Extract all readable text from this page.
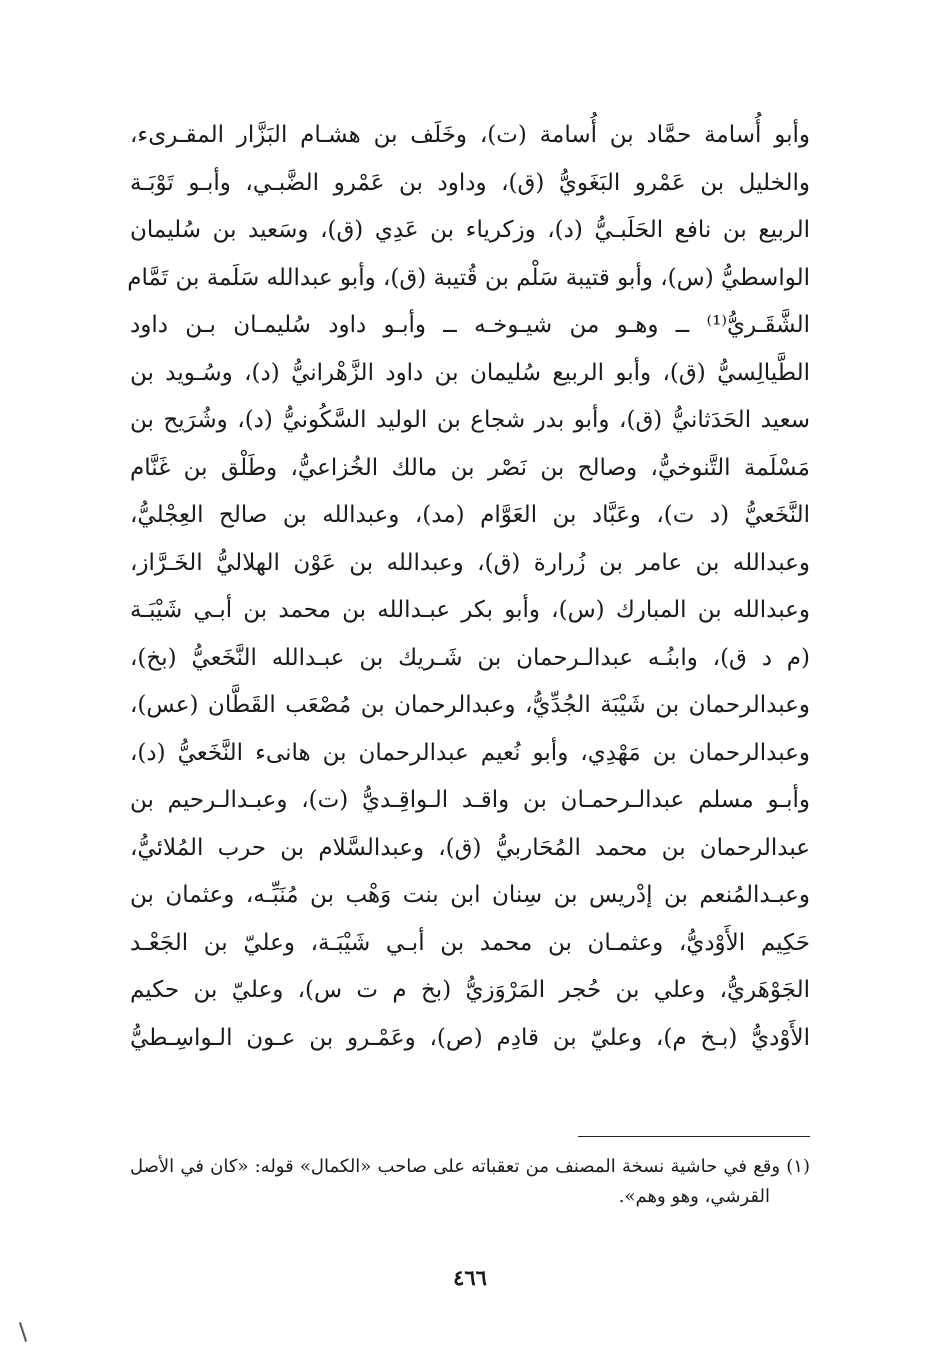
وأبو أُسامة حمَّاد بن أُسامة (ت)، وخَلَف بن هشـام البَزَّار المقـرىء،
والخليل بن عَمْرو البَغَويُّ (ق)، وداود بن عَمْرو الضَّبـي، وأبـو تَوْبَـة
الربيع بن نافع الحَلَبـيُّ (د)، وزكرياء بن عَدِي (ق)، وسَعيد بن سُليمان
الواسطيُّ (س)، وأبو قتيبة سَلْم بن قُتيبة (ق)، وأبو عبدالله سَلَمة بن تَمَّام
الشَّقَـريُّ⁽¹⁾ ــ وهـو من شيـوخـه ــ وأبـو داود سُليمـان بـن داود
الطَّيالِسيُّ (ق)، وأبو الربيع سُليمان بن داود الزَّهْرانيُّ (د)، وسُـويد بن
سعيد الحَدَثانيُّ (ق)، وأبو بدر شجاع بن الوليد السَّكُونيُّ (د)، وشُرَيح بن
مَسْلَمة التَّنوخيُّ، وصالح بن نَصْر بن مالك الخُزاعيُّ، وطَلْق بن غَنَّام
النَّخَعيُّ (د ت)، وعَبَّاد بن العَوَّام (مد)، وعبدالله بن صالح العِجْليُّ،
وعبدالله بن عامر بن زُرارة (ق)، وعبدالله بن عَوْن الهلاليُّ الخَـرَّاز،
وعبدالله بن المبارك (س)، وأبو بكر عبـدالله بن محمد بن أبـي شَيْبَـة
(م د ق)، وابنُـه عبدالـرحمان بن شَـريك بن عبـدالله النَّخَعيُّ (بخ)،
وعبدالرحمان بن شَيْبَة الجُدِّيُّ، وعبدالرحمان بن مُصْعَب القَطَّان (عس)،
وعبدالرحمان بن مَهْدِي، وأبو نُعيم عبدالرحمان بن هانىء النَّخَعيُّ (د)،
وأبـو مسلم عبدالـرحمـان بن واقـد الـواقِـديُّ (ت)، وعبـدالـرحيم بن
عبدالرحمان بن محمد المُحَاربيُّ (ق)، وعبدالسَّلام بن حرب المُلائيُّ،
وعبـدالمُنعم بن إدْريس بن سِنان ابن بنت وَهْب بن مُنَبِّـه، وعثمان بن
حَكِيم الأَوْديُّ، وعثمـان بن محمد بن أبـي شَيْبَـة، وعليّ بن الجَعْـد
الجَوْهَريُّ، وعلي بن حُجر المَرْوَزيُّ (بخ م ت س)، وعليّ بن حكيم
الأَوْديُّ (بـخ م)، وعليّ بن قادِم (ص)، وعَمْـرو بن عـون الـواسِـطيُّ
(١) وقع في حاشية نسخة المصنف من تعقباته على صاحب «الكمال» قوله: «كان في الأصل
القرشي، وهو وهم».
٤٦٦
